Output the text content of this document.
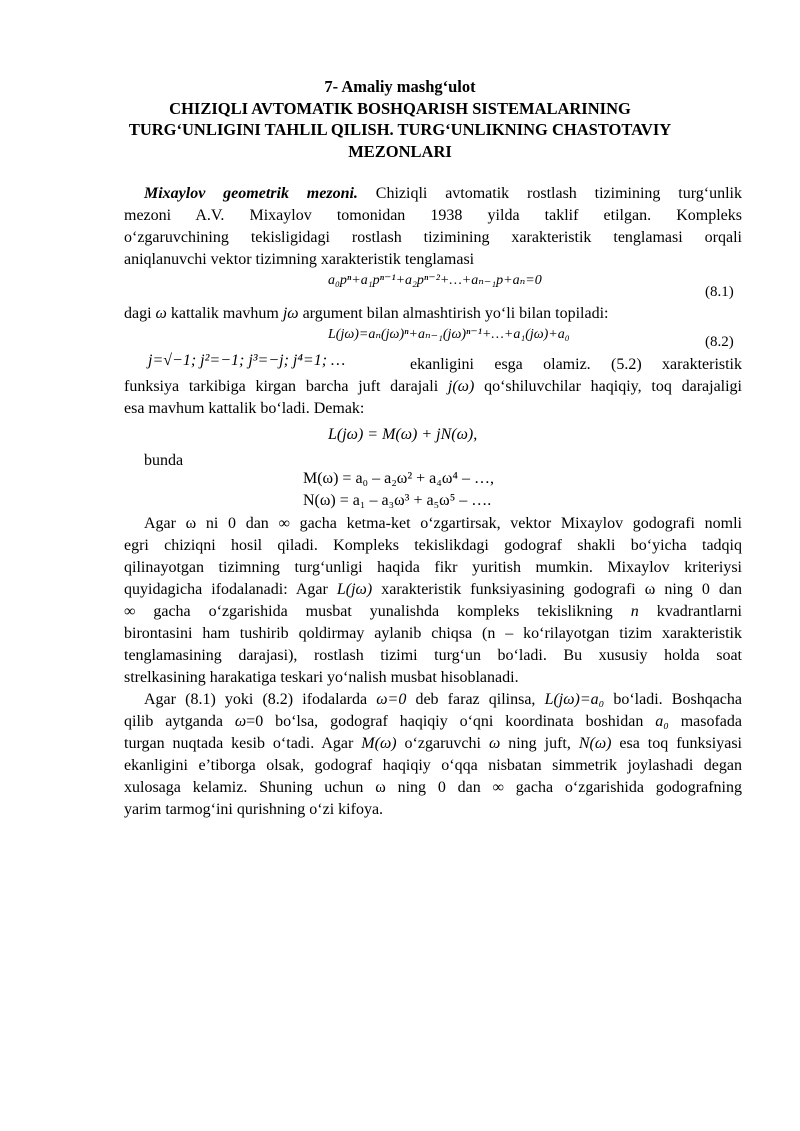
7- Amaliy mashg‘ulot
CHIZIQLI AVTOMATIK BOSHQARISH SISTEMALARINING
TURG‘UNLIGINI TAHLIL QILISH. TURG‘UNLIKNING CHASTOTAVIY
MEZONLARI
Mixaylov geometrik mezoni. Chiziqli avtomatik rostlash tizimining turg‘unlik
mezoni A.V. Mixaylov tomonidan 1938 yilda taklif etilgan. Kompleks
o‘zgaruvchining tekisligidagi rostlash tizimining xarakteristik tenglamasi orqali
aniqlanuvchi vektor tizimning xarakteristik tenglamasi
a₀pⁿ+a₁pⁿ⁻¹+a₂pⁿ⁻²+…+aₙ₋₁p+aₙ=0
(8.1)
dagi ω kattalik mavhum jω argument bilan almashtirish yo‘li bilan topiladi:
L(jω)=aₙ(jω)ⁿ+aₙ₋₁(jω)ⁿ⁻¹+…+a₁(jω)+a₀	(8.2)
j=√−1; j²=−1; j³=−j; j⁴=1; …	ekanligini esga olamiz. (5.2) xarakteristik
funksiya tarkibiga kirgan barcha juft darajali j(ω) qo‘shiluvchilar haqiqiy, toq darajaligi
esa mavhum kattalik bo‘ladi. Demak:
L(jω) = M(ω) + jN(ω),
bunda
M(ω) = a₀ – a₂ω² + a₄ω⁴ – …,
N(ω) = a₁ – a₃ω³ + a₅ω⁵ – ….
Agar ω ni 0 dan ∞ gacha ketma-ket o‘zgartirsak, vektor Mixaylov godografi nomli
egri chiziqni hosil qiladi. Kompleks tekislikdagi godograf shakli bo‘yicha tadqiq
qilinayotgan tizimning turg‘unligi haqida fikr yuritish mumkin. Mixaylov kriteriysi
quyidagicha ifodalanadi: Agar L(jω) xarakteristik funksiyasining godografi ω ning 0 dan
∞ gacha o‘zgarishida musbat yunalishda kompleks tekislikning n kvadrantlarni
birontasini ham tushirib qoldirmay aylanib chiqsa (n – ko‘rilayotgan tizim xarakteristik
tenglamasining darajasi), rostlash tizimi turg‘un bo‘ladi. Bu xususiy holda soat
strelkasining harakatiga teskari yo‘nalish musbat hisoblanadi.
Agar (8.1) yoki (8.2) ifodalarda ω=0 deb faraz qilinsa, L(jω)=a₀ bo‘ladi. Boshqacha
qilib aytganda ω=0 bo‘lsa, godograf haqiqiy o‘qni koordinata boshidan a₀ masofada
turgan nuqtada kesib o‘tadi. Agar M(ω) o‘zgaruvchi ω ning juft, N(ω) esa toq funksiyasi
ekanligini e’tiborga olsak, godograf haqiqiy o‘qqa nisbatan simmetrik joylashadi degan
xulosaga kelamiz. Shuning uchun ω ning 0 dan ∞ gacha o‘zgarishida godografning
yarim tarmog‘ini qurishning o‘zi kifoya.
